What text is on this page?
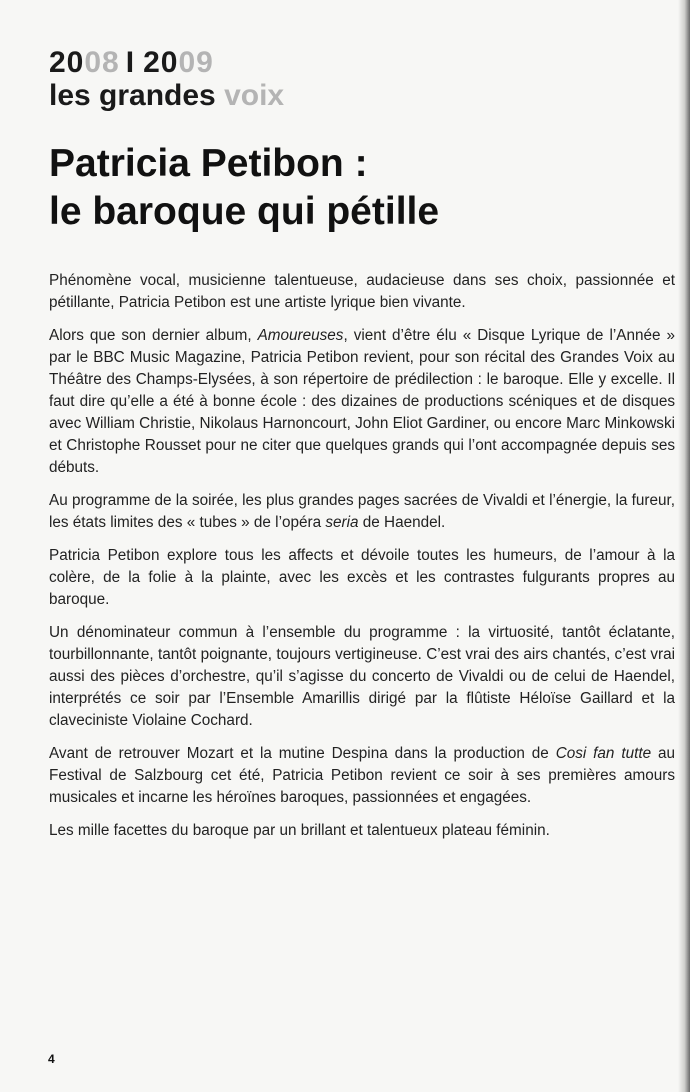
2008 I 2009
les grandes voix
Patricia Petibon :
le baroque qui pétille

Phénomène vocal, musicienne talentueuse, audacieuse dans ses choix, passionnée et pétillante, Patricia Petibon est une artiste lyrique bien vivante.

Alors que son dernier album, Amoureuses, vient d’être élu « Disque Lyrique de l’Année » par le BBC Music Magazine, Patricia Petibon revient, pour son récital des Grandes Voix au Théâtre des Champs-Elysées, à son répertoire de prédilection : le baroque. Elle y excelle. Il faut dire qu’elle a été à bonne école : des dizaines de productions scéniques et de disques avec William Christie, Nikolaus Harnoncourt, John Eliot Gardiner, ou encore Marc Minkowski et Christophe Rousset pour ne citer que quelques grands qui l’ont accompagnée depuis ses débuts.

Au programme de la soirée, les plus grandes pages sacrées de Vivaldi et l’énergie, la fureur, les états limites des « tubes » de l’opéra seria de Haendel.

Patricia Petibon explore tous les affects et dévoile toutes les humeurs, de l’amour à la colère, de la folie à la plainte, avec les excès et les contrastes fulgurants propres au baroque.

Un dénominateur commun à l’ensemble du programme : la virtuosité, tantôt éclatante, tourbillonnante, tantôt poignante, toujours vertigineuse. C’est vrai des airs chantés, c’est vrai aussi des pièces d’orchestre, qu’il s’agisse du concerto de Vivaldi ou de celui de Haendel, interprétés ce soir par l’Ensemble Amarillis dirigé par la flûtiste Héloïse Gaillard et la claveciniste Violaine Cochard.

Avant de retrouver Mozart et la mutine Despina dans la production de Cosi fan tutte au Festival de Salzbourg cet été, Patricia Petibon revient ce soir à ses premières amours musicales et incarne les héroïnes baroques, passionnées et engagées.

Les mille facettes du baroque par un brillant et talentueux plateau féminin.

4
